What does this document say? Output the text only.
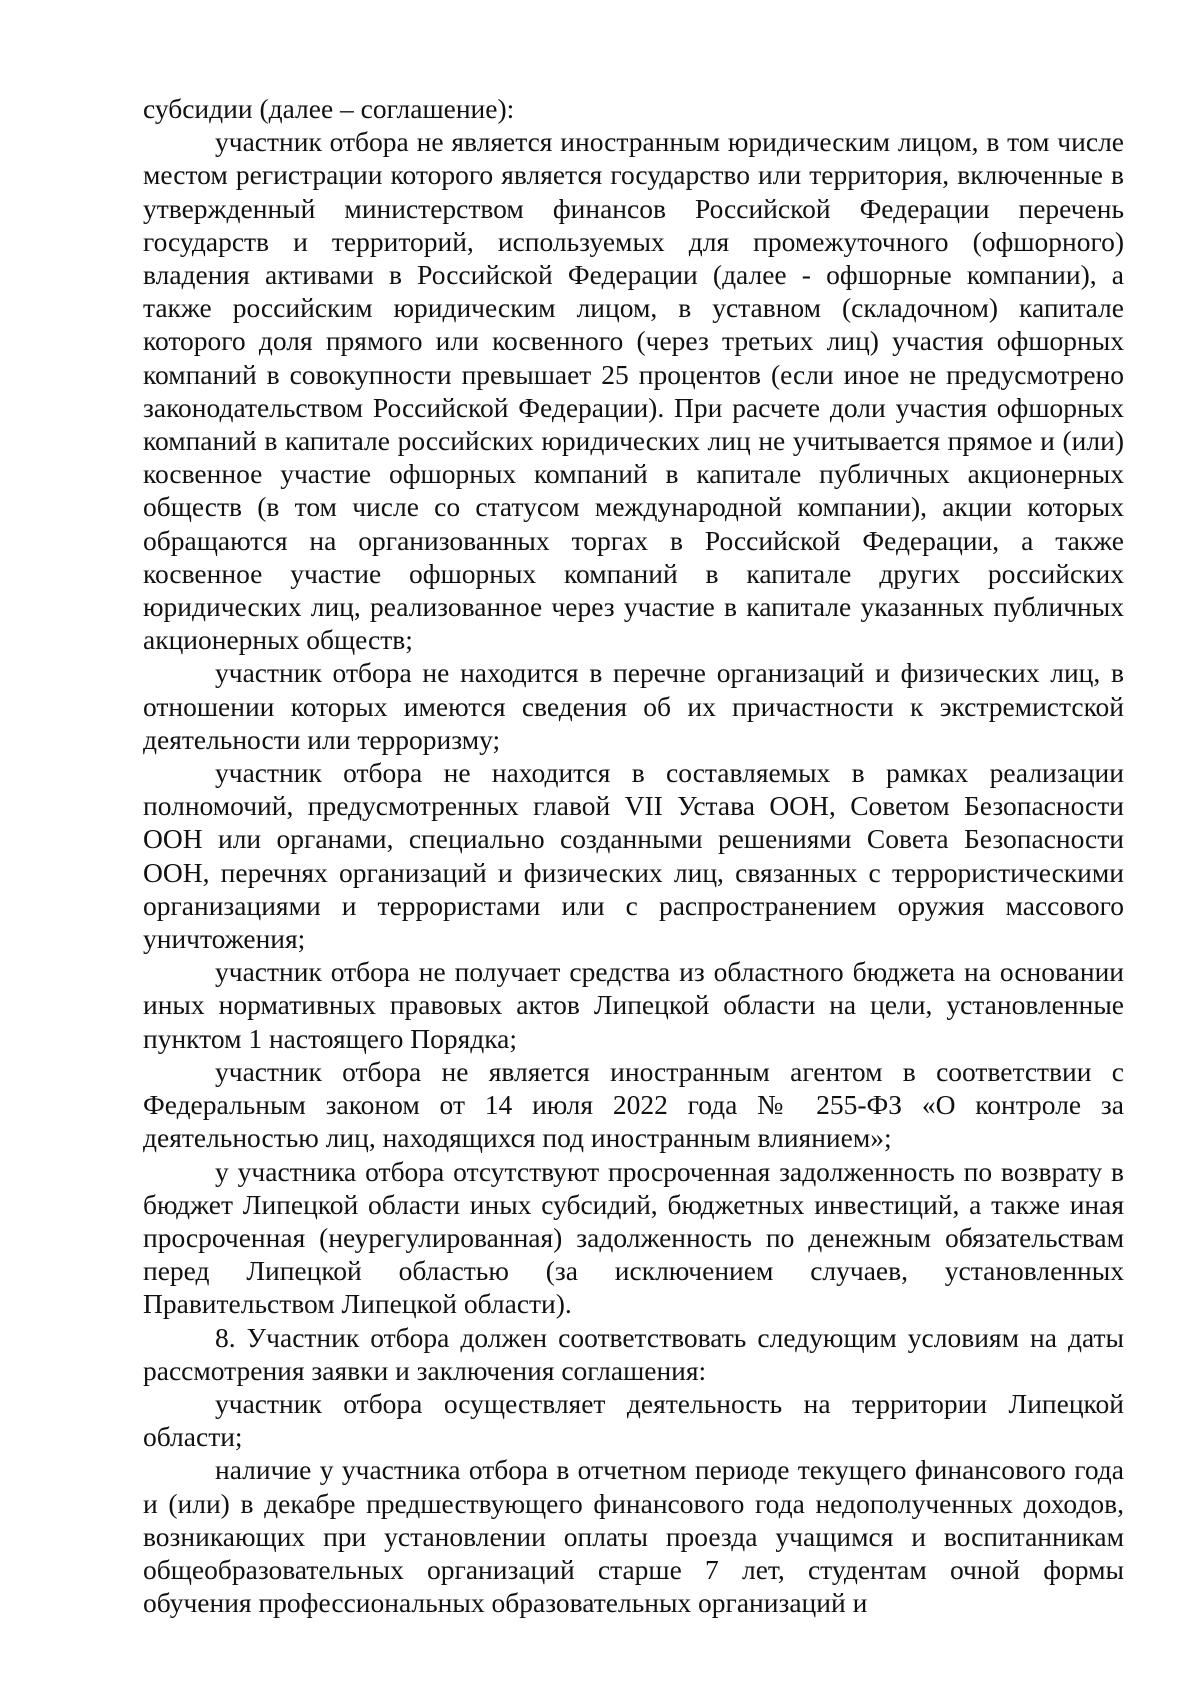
субсидии (далее – соглашение):

участник отбора не является иностранным юридическим лицом, в том числе местом регистрации которого является государство или территория, включенные в утвержденный министерством финансов Российской Федерации перечень государств и территорий, используемых для промежуточного (офшорного) владения активами в Российской Федерации (далее - офшорные компании), а также российским юридическим лицом, в уставном (складочном) капитале которого доля прямого или косвенного (через третьих лиц) участия офшорных компаний в совокупности превышает 25 процентов (если иное не предусмотрено законодательством Российской Федерации). При расчете доли участия офшорных компаний в капитале российских юридических лиц не учитывается прямое и (или) косвенное участие офшорных компаний в капитале публичных акционерных обществ (в том числе со статусом международной компании), акции которых обращаются на организованных торгах в Российской Федерации, а также косвенное участие офшорных компаний в капитале других российских юридических лиц, реализованное через участие в капитале указанных публичных акционерных обществ;

участник отбора не находится в перечне организаций и физических лиц, в отношении которых имеются сведения об их причастности к экстремистской деятельности или терроризму;

участник отбора не находится в составляемых в рамках реализации полномочий, предусмотренных главой VII Устава ООН, Советом Безопасности ООН или органами, специально созданными решениями Совета Безопасности ООН, перечнях организаций и физических лиц, связанных с террористическими организациями и террористами или с распространением оружия массового уничтожения;

участник отбора не получает средства из областного бюджета на основании иных нормативных правовых актов Липецкой области на цели, установленные пунктом 1 настоящего Порядка;

участник отбора не является иностранным агентом в соответствии с Федеральным законом от 14 июля 2022 года № 255-ФЗ «О контроле за деятельностью лиц, находящихся под иностранным влиянием»;

у участника отбора отсутствуют просроченная задолженность по возврату в бюджет Липецкой области иных субсидий, бюджетных инвестиций, а также иная просроченная (неурегулированная) задолженность по денежным обязательствам перед Липецкой областью (за исключением случаев, установленных Правительством Липецкой области).

8. Участник отбора должен соответствовать следующим условиям на даты рассмотрения заявки и заключения соглашения:

участник отбора осуществляет деятельность на территории Липецкой области;

наличие у участника отбора в отчетном периоде текущего финансового года и (или) в декабре предшествующего финансового года недополученных доходов, возникающих при установлении оплаты проезда учащимся и воспитанникам общеобразовательных организаций старше 7 лет, студентам очной формы обучения профессиональных образовательных организаций и
